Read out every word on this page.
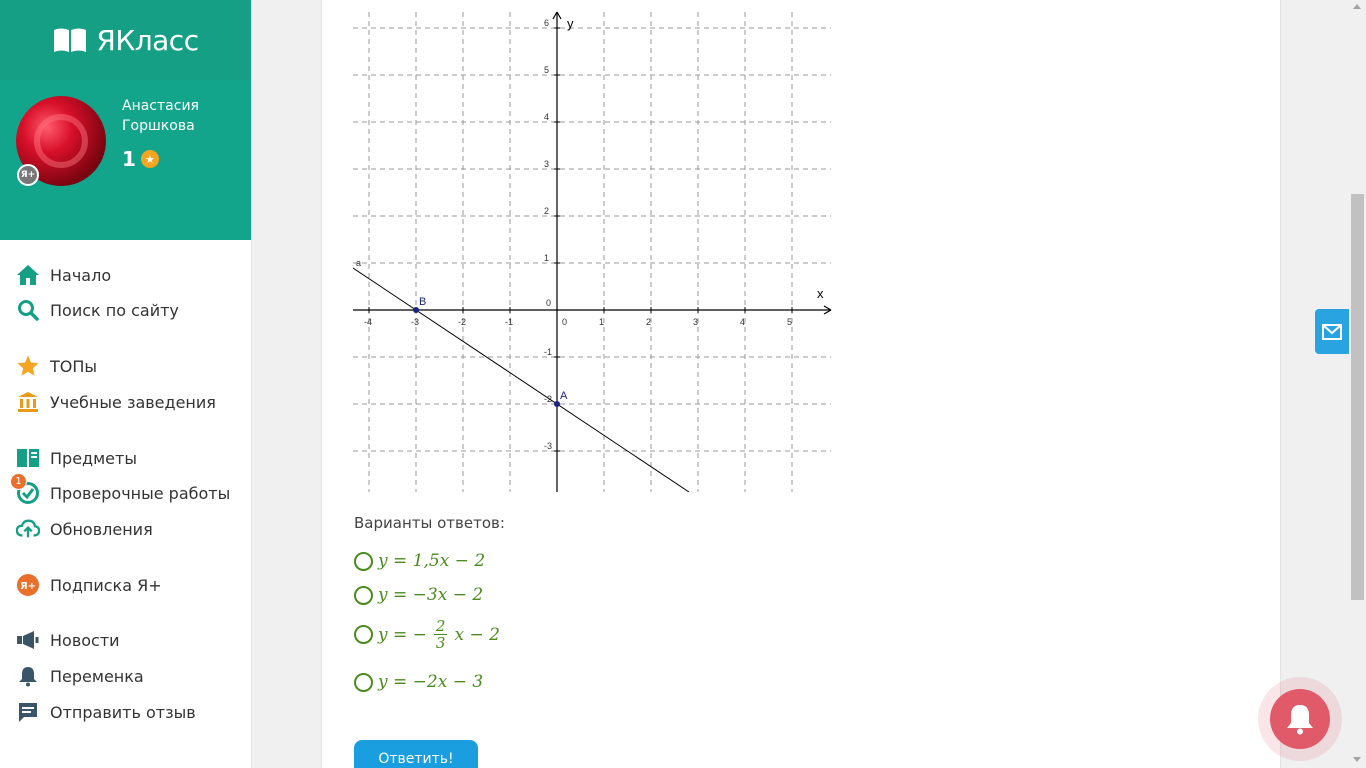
ЯКласс
Анастасия Горшкова
1 ★
Мой профиль
Выйти
Я+
Начало
Поиск по сайту
ТОПы
Учебные заведения
Предметы
1
Проверочные работы
Обновления
Я+ Подписка Я+
Новости
Переменка
Отправить отзыв
-4	-3	-2	-1	0	1	2	3	4	5
6
5
4
3
2
1
-1
-2
-3
0
x
y
a
B
A
Варианты ответов:
y = 1,5x − 2
y = −3x − 2
y = − $\frac{2}{3}$ x − 2
y = −2x − 3
Ответить!
